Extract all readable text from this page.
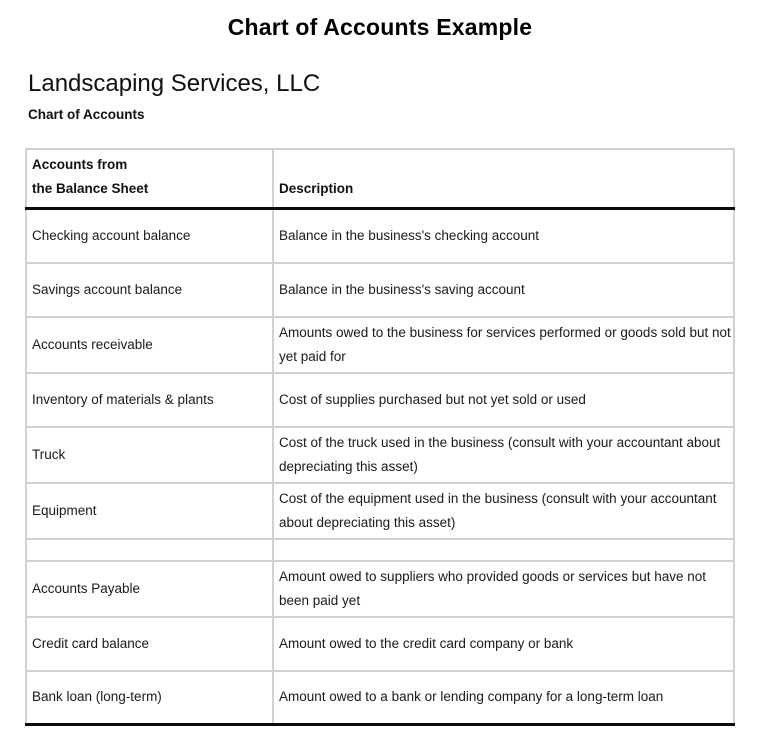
Chart of Accounts Example
Landscaping Services, LLC
Chart of Accounts
Accounts from
the Balance Sheet	Description
Checking account balance	Balance in the business's checking account
Savings account balance	Balance in the business's saving account
Accounts receivable	Amounts owed to the business for services performed or goods sold but not yet paid for
Inventory of materials & plants	Cost of supplies purchased but not yet sold or used
Truck	Cost of the truck used in the business (consult with your accountant about depreciating this asset)
Equipment	Cost of the equipment used in the business (consult with your accountant about depreciating this asset)

Accounts Payable	Amount owed to suppliers who provided goods or services but have not been paid yet
Credit card balance	Amount owed to the credit card company or bank
Bank loan (long-term)	Amount owed to a bank or lending company for a long-term loan
